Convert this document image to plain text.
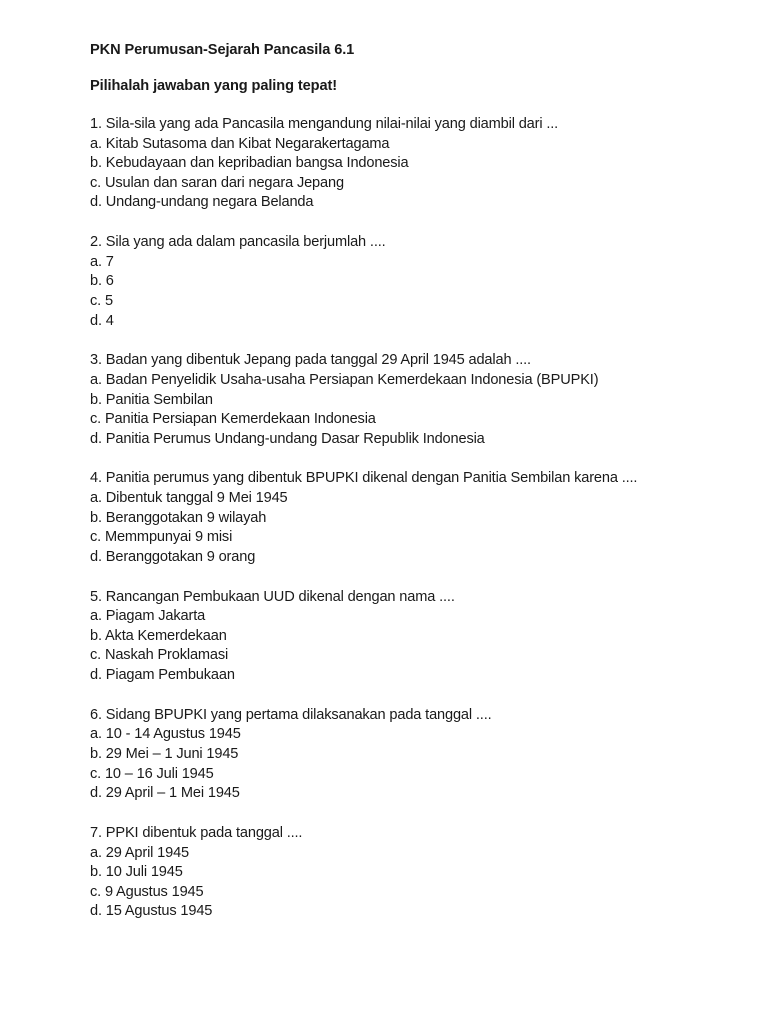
PKN Perumusan-Sejarah Pancasila 6.1

Pilihalah jawaban yang paling tepat!

1. Sila-sila yang ada Pancasila mengandung nilai-nilai yang diambil dari ...
a. Kitab Sutasoma dan Kibat Negarakertagama
b. Kebudayaan dan kepribadian bangsa Indonesia
c. Usulan dan saran dari negara Jepang
d. Undang-undang negara Belanda
2. Sila yang ada dalam pancasila berjumlah ....
a. 7
b. 6
c. 5
d. 4
3. Badan yang dibentuk Jepang pada tanggal 29 April 1945 adalah ....
a. Badan Penyelidik Usaha-usaha Persiapan Kemerdekaan Indonesia (BPUPKI)
b. Panitia Sembilan
c. Panitia Persiapan Kemerdekaan Indonesia
d. Panitia Perumus Undang-undang Dasar Republik Indonesia
4. Panitia perumus yang dibentuk BPUPKI dikenal dengan Panitia Sembilan karena ....
a. Dibentuk tanggal 9 Mei 1945
b. Beranggotakan 9 wilayah
c. Memmpunyai 9 misi
d. Beranggotakan 9 orang
5. Rancangan Pembukaan UUD dikenal dengan nama ....
a. Piagam Jakarta
b. Akta Kemerdekaan
c. Naskah Proklamasi
d. Piagam Pembukaan
6. Sidang BPUPKI yang pertama dilaksanakan pada tanggal ....
a. 10 - 14 Agustus 1945
b. 29 Mei – 1 Juni 1945
c. 10 – 16 Juli 1945
d. 29 April – 1 Mei 1945
7. PPKI dibentuk pada tanggal ....
a. 29 April 1945
b. 10 Juli 1945
c. 9 Agustus 1945
d. 15 Agustus 1945
